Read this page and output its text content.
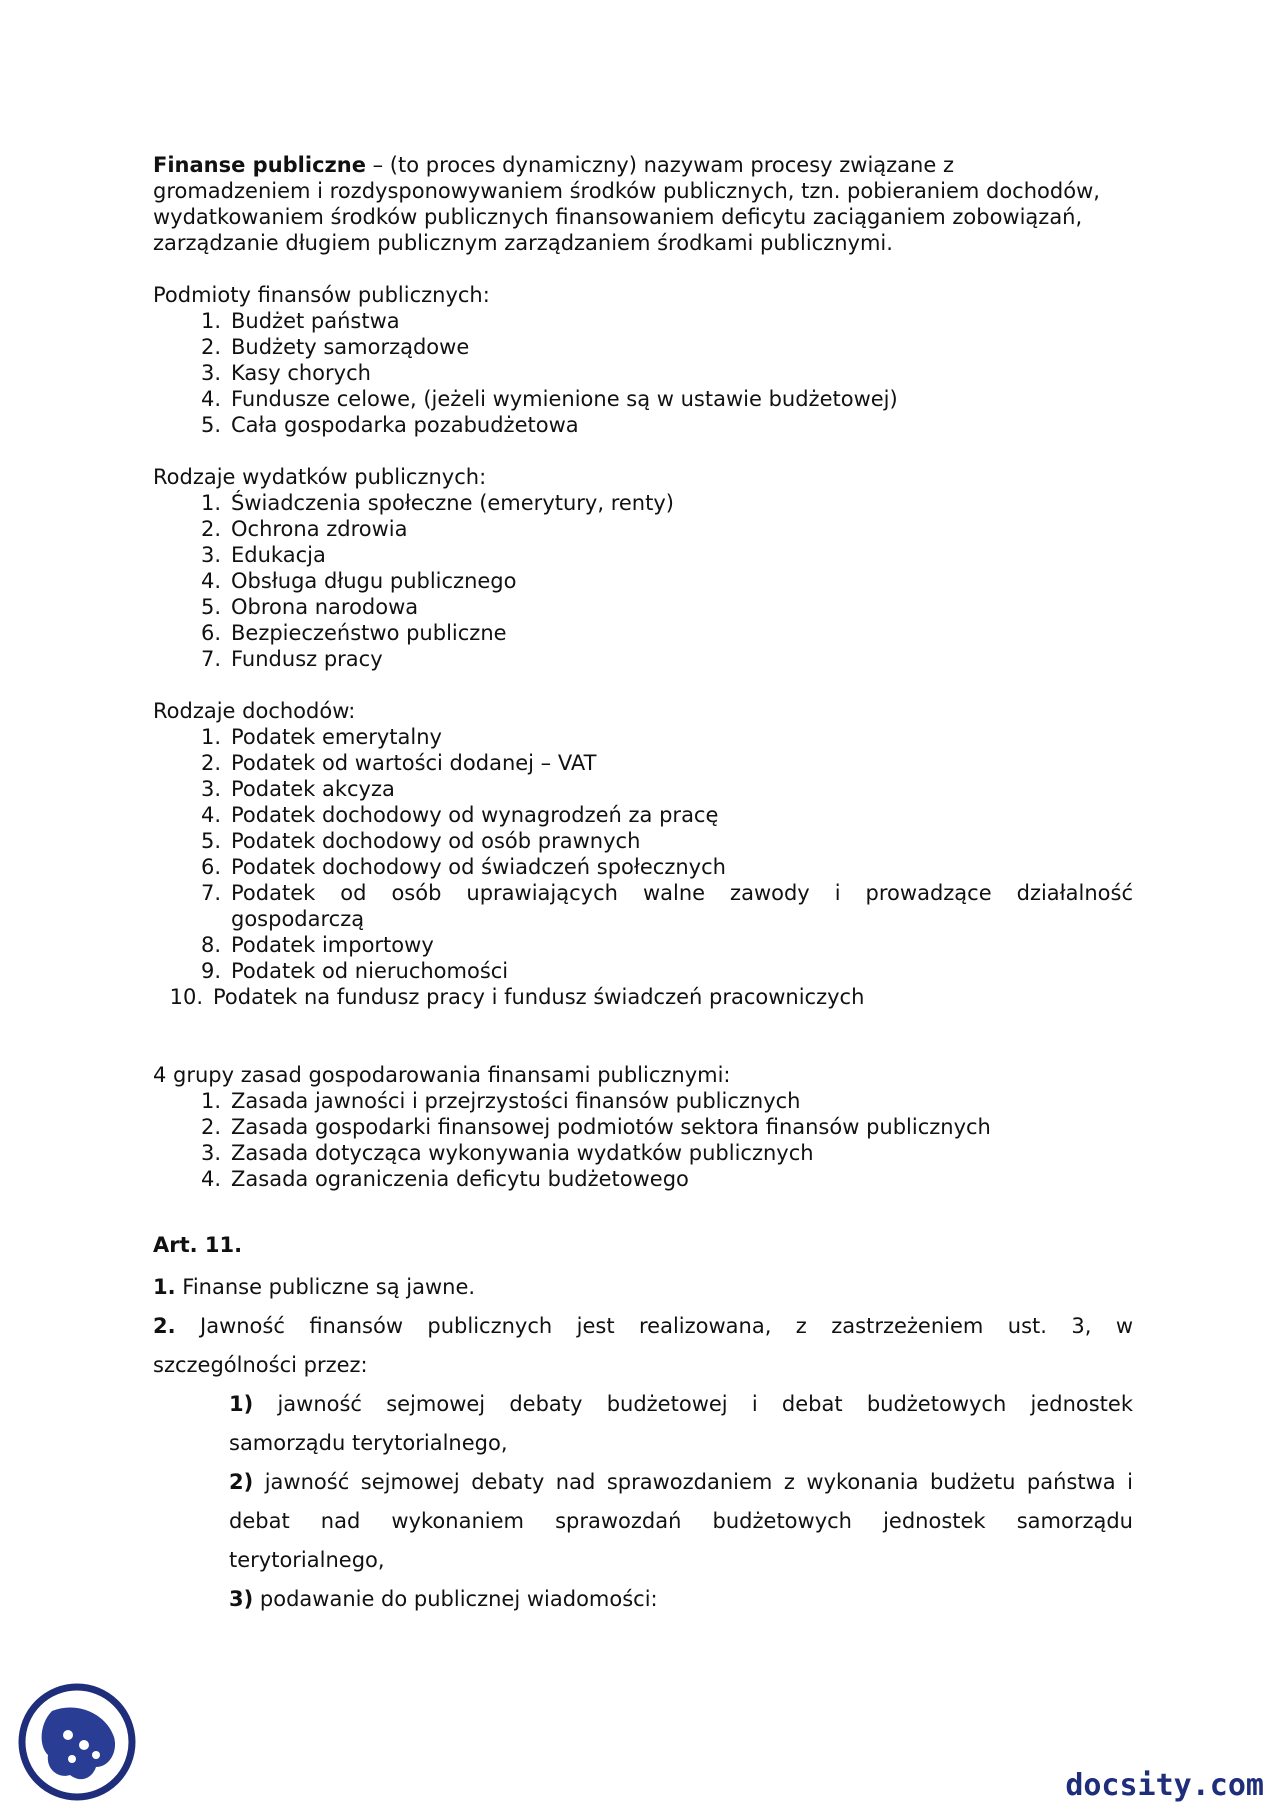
Finanse publiczne – (to proces dynamiczny) nazywam procesy związane z

gromadzeniem i rozdysponowywaniem środków publicznych, tzn. pobieraniem dochodów,

wydatkowaniem środków publicznych finansowaniem deficytu zaciąganiem zobowiązań,

zarządzanie długiem publicznym zarządzaniem środkami publicznymi.

Podmioty finansów publicznych:

1. Budżet państwa
2. Budżety samorządowe
3. Kasy chorych
4. Fundusze celowe, (jeżeli wymienione są w ustawie budżetowej)
5. Cała gospodarka pozabudżetowa

Rodzaje wydatków publicznych:

1. Świadczenia społeczne (emerytury, renty)
2. Ochrona zdrowia
3. Edukacja
4. Obsługa długu publicznego
5. Obrona narodowa
6. Bezpieczeństwo publiczne
7. Fundusz pracy

Rodzaje dochodów:

1. Podatek emerytalny
2. Podatek od wartości dodanej – VAT
3. Podatek akcyza
4. Podatek dochodowy od wynagrodzeń za pracę
5. Podatek dochodowy od osób prawnych
6. Podatek dochodowy od świadczeń społecznych
7. Podatek od osób uprawiających walne zawody i prowadzące działalność
gospodarczą
8. Podatek importowy
9. Podatek od nieruchomości
10. Podatek na fundusz pracy i fundusz świadczeń pracowniczych

4 grupy zasad gospodarowania finansami publicznymi:

1. Zasada jawności i przejrzystości finansów publicznych
2. Zasada gospodarki finansowej podmiotów sektora finansów publicznych
3. Zasada dotycząca wykonywania wydatków publicznych
4. Zasada ograniczenia deficytu budżetowego

Art. 11.

1. Finanse publiczne są jawne.

2. Jawność finansów publicznych jest realizowana, z zastrzeżeniem ust. 3, w

szczególności przez:

1) jawność sejmowej debaty budżetowej i debat budżetowych jednostek

samorządu terytorialnego,

2) jawność sejmowej debaty nad sprawozdaniem z wykonania budżetu państwa i

debat nad wykonaniem sprawozdań budżetowych jednostek samorządu

terytorialnego,

3) podawanie do publicznej wiadomości:

docsity.com
